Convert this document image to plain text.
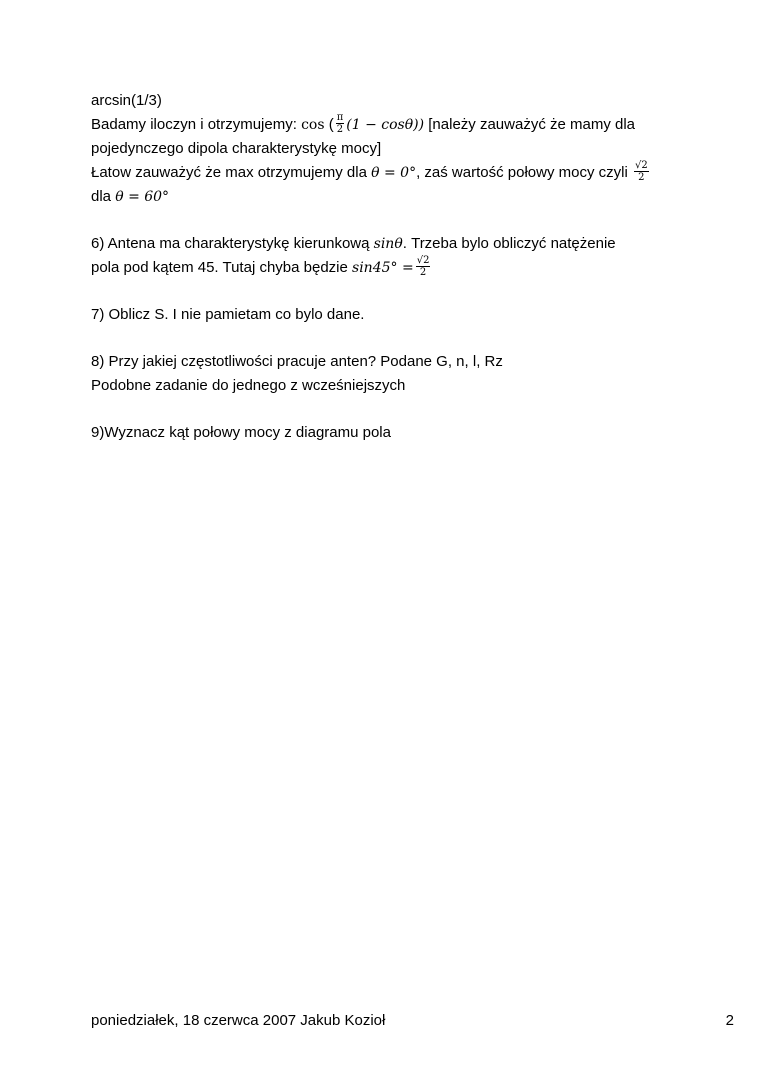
arcsin(1/3)
Badamy iloczyn i otrzymujemy: cos ( $\frac{\pi}{2} (1 - \cos\theta)$) [należy zauważyć że mamy dla
pojedynczego dipola charakterystykę mocy]
Łatow zauważyć że max otrzymujemy dla θ = 0°, zaś wartość połowy mocy czyli $\frac{√2}{2}$
dla θ = 60°
6) Antena ma charakterystykę kierunkową sinθ. Trzeba bylo obliczyć natężenie
pola pod kątem 45. Tutaj chyba będzie $\sin 45^\circ = \frac{√2}{2}$
7) Oblicz S. I nie pamietam co bylo dane.
8) Przy jakiej częstotliwości pracuje anten? Podane G, n, l, Rz
Podobne zadanie do jednego z wcześniejszych
9)Wyznacz kąt połowy mocy z diagramu pola
poniedziałek, 18 czerwca 2007 Jakub Kozioł	2
